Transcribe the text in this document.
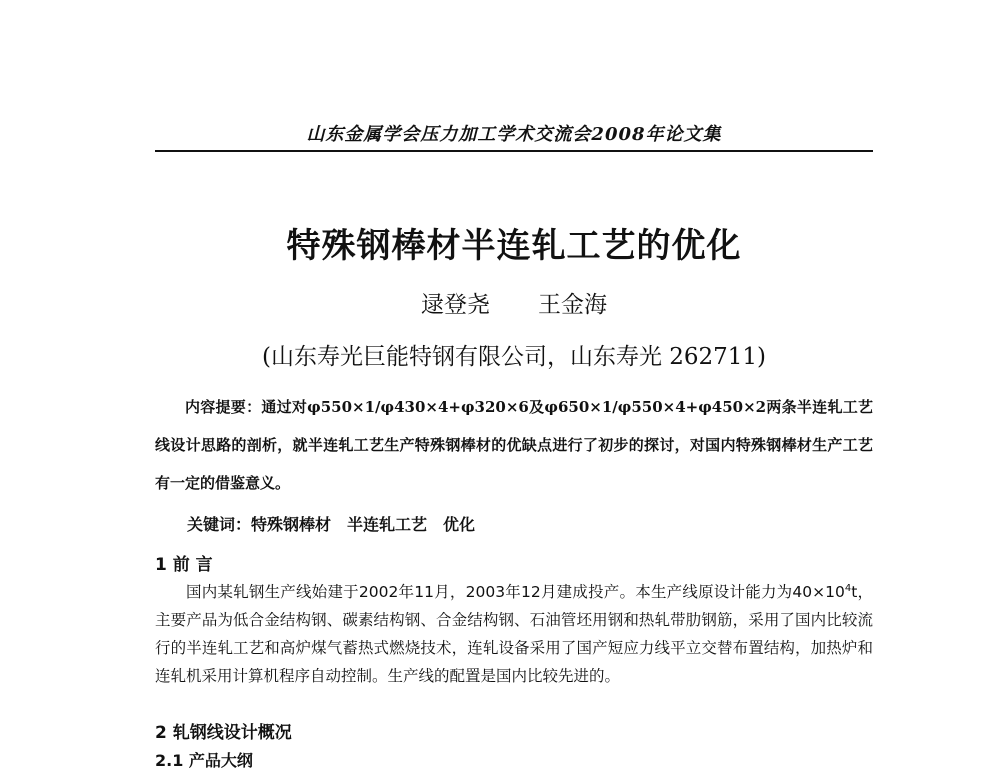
山东金属学会压力加工学术交流会2008年论文集
特殊钢棒材半连轧工艺的优化
逯登尧 王金海
(山东寿光巨能特钢有限公司，山东寿光 262711)
内容提要：通过对φ550×1/φ430×4+φ320×6及φ650×1/φ550×4+φ450×2两条半连轧工艺线设计思路的剖析，就半连轧工艺生产特殊钢棒材的优缺点进行了初步的探讨，对国内特殊钢棒材生产工艺有一定的借鉴意义。
关键词：特殊钢棒材 半连轧工艺 优化
1 前 言
国内某轧钢生产线始建于2002年11月，2003年12月建成投产。本生产线原设计能力为$40\times 10^4t$，主要产品为低合金结构钢、碳素结构钢、合金结构钢、石油管坯用钢和热轧带肋钢筋，采用了国内比较流行的半连轧工艺和高炉煤气蓄热式燃烧技术，连轧设备采用了国产短应力线平立交替布置结构，加热炉和连轧机采用计算机程序自动控制。生产线的配置是国内比较先进的。
2 轧钢线设计概况
2.1 产品大纲
